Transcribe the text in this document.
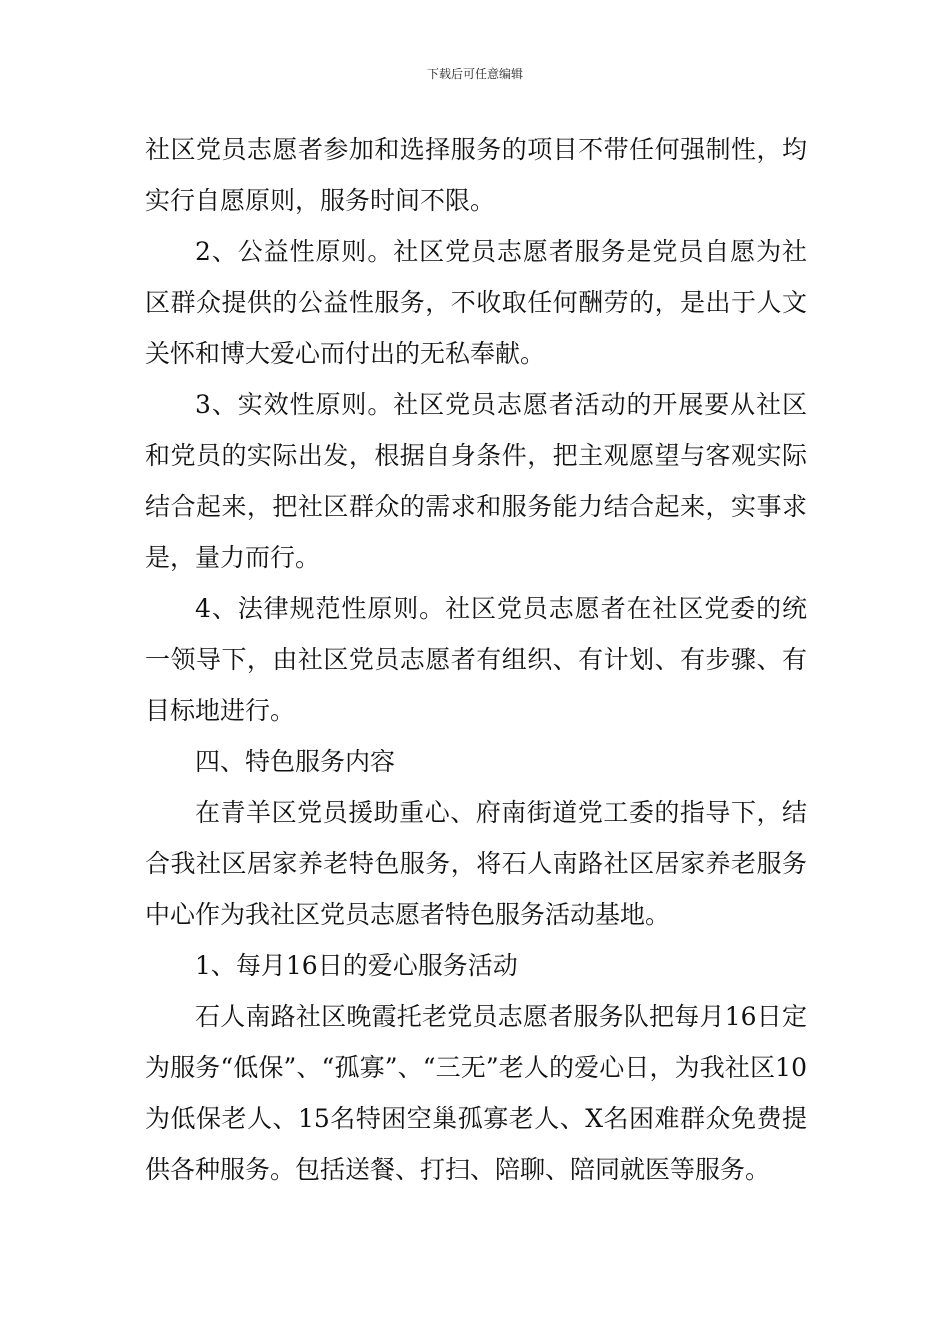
下载后可任意编辑

社区党员志愿者参加和选择服务的项目不带任何强制性，均实行自愿原则，服务时间不限。

2、公益性原则。社区党员志愿者服务是党员自愿为社区群众提供的公益性服务，不收取任何酬劳的，是出于人文关怀和博大爱心而付出的无私奉献。

3、实效性原则。社区党员志愿者活动的开展要从社区和党员的实际出发，根据自身条件，把主观愿望与客观实际结合起来，把社区群众的需求和服务能力结合起来，实事求是，量力而行。

4、法律规范性原则。社区党员志愿者在社区党委的统一领导下，由社区党员志愿者有组织、有计划、有步骤、有目标地进行。

四、特色服务内容

在青羊区党员援助重心、府南街道党工委的指导下，结合我社区居家养老特色服务，将石人南路社区居家养老服务中心作为我社区党员志愿者特色服务活动基地。

1、每月16日的爱心服务活动

石人南路社区晚霞托老党员志愿者服务队把每月16日定为服务“低保”、“孤寡”、“三无”老人的爱心日，为我社区10为低保老人、15名特困空巢孤寡老人、X名困难群众免费提供各种服务。包括送餐、打扫、陪聊、陪同就医等服务。
